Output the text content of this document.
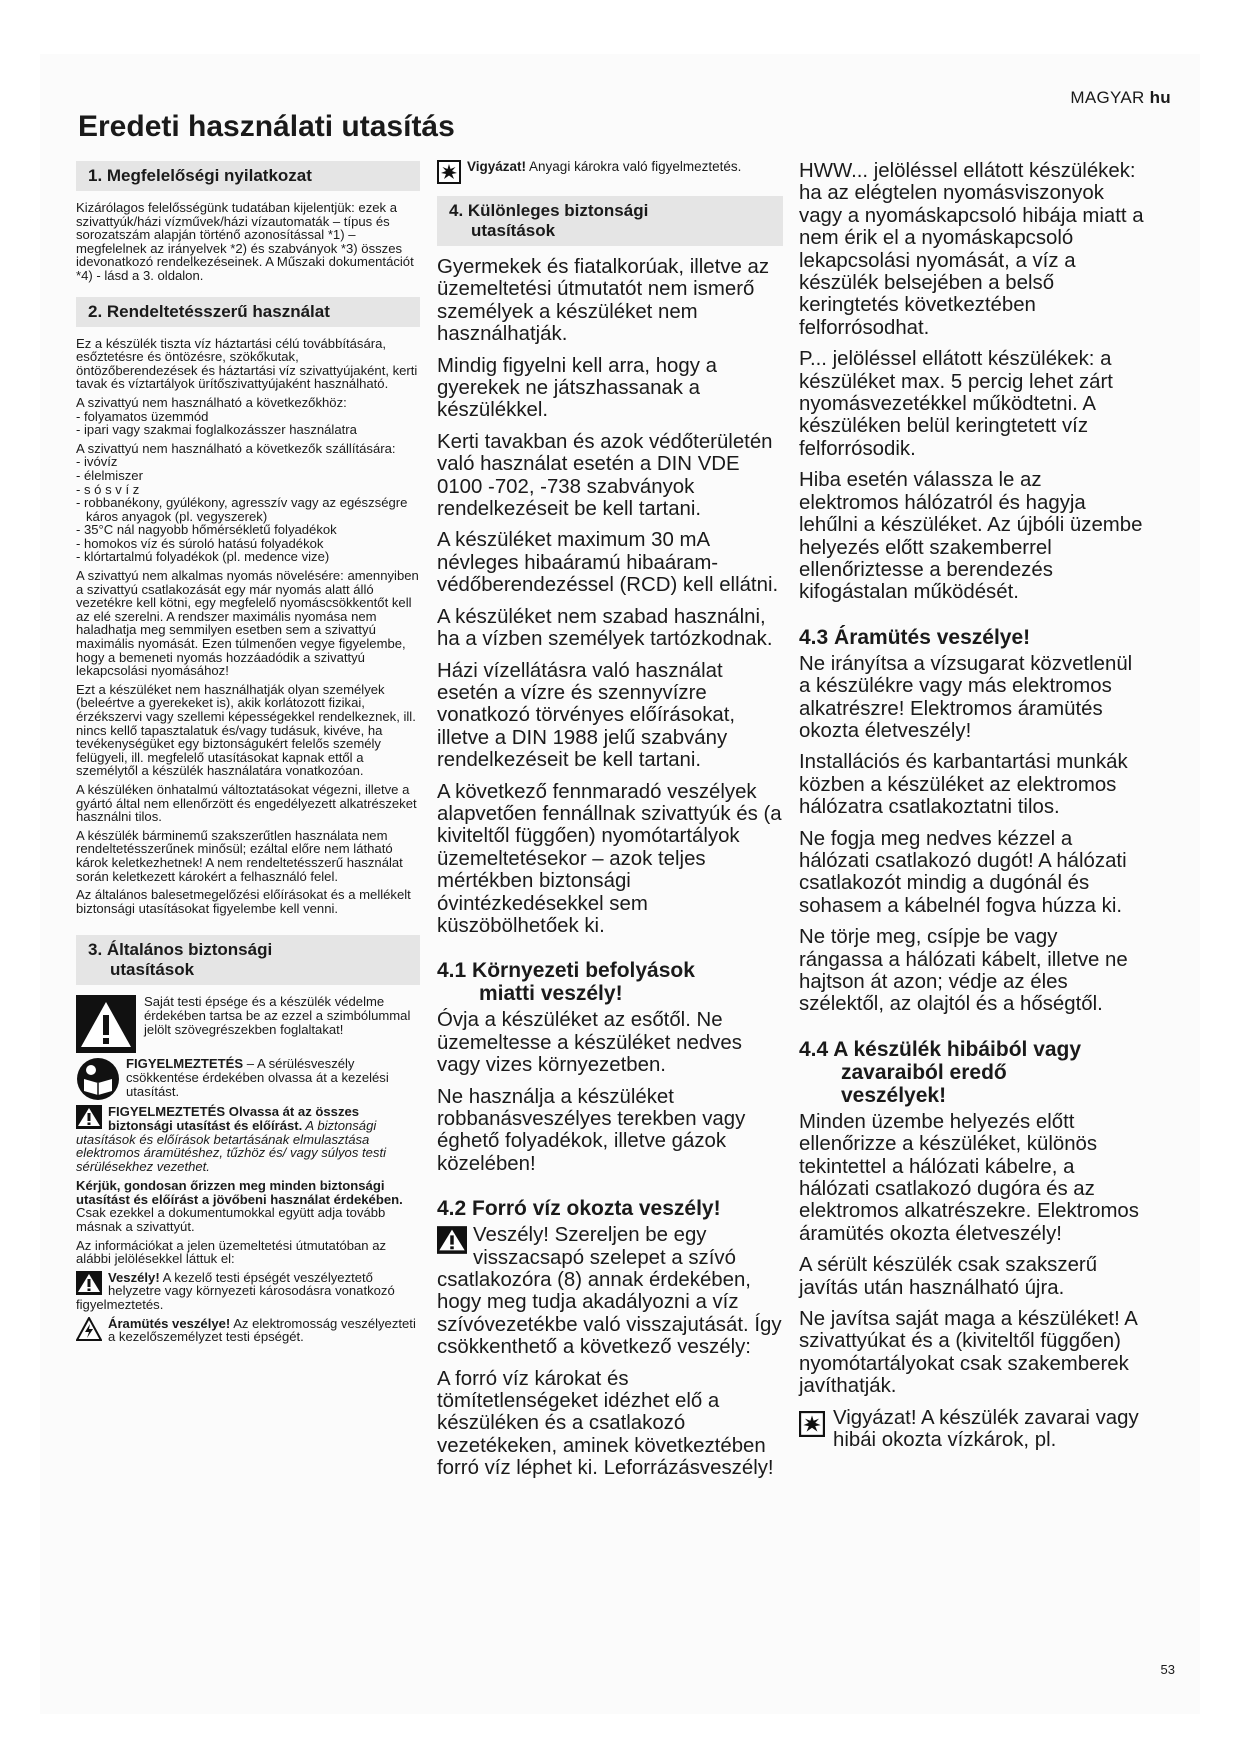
MAGYAR hu
Eredeti használati utasítás
1. Megfelelőségi nyilatkozat

Kizárólagos felelősségünk tudatában kijelentjük: ezek a szivattyúk/házi vízművek/házi vízautomaták – típus és sorozatszám alapján történő azonosítással *1) – megfelelnek az irányelvek *2) és szabványok *3) összes idevonatkozó rendelkezéseinek. A Műszaki dokumentációt *4) - lásd a 3. oldalon.

2. Rendeltetésszerű használat

Ez a készülék tiszta víz háztartási célú továbbítására, esőztetésre és öntözésre, szökőkutak, öntözőberendezések és háztartási víz szivattyújaként, kerti tavak és víztartályok ürítőszivattyújaként használható.

A szivattyú nem használható a következőkhöz:

- folyamatos üzemmód
- ipari vagy szakmai foglalkozásszer használatra

A szivattyú nem használható a következők szállítására:

- ivóvíz
- élelmiszer
- s ó s v í z
- robbanékony, gyúlékony, agresszív vagy az egészségre káros anyagok (pl. vegyszerek)
- 35°C nál nagyobb hőmérsékletű folyadékok
- homokos víz és súroló hatású folyadékok
- klórtartalmú folyadékok (pl. medence vize)

A szivattyú nem alkalmas nyomás növelésére: amennyiben a szivattyú csatlakozását egy már nyomás alatt álló vezetékre kell kötni, egy megfelelő nyomáscsökkentőt kell az elé szerelni. A rendszer maximális nyomása nem haladhatja meg semmilyen esetben sem a szivattyú maximális nyomását. Ezen túlmenően vegye figyelembe, hogy a bemeneti nyomás hozzáadódik a szivattyú lekapcsolási nyomásához!

Ezt a készüléket nem használhatják olyan személyek (beleértve a gyerekeket is), akik korlátozott fizikai, érzékszervi vagy szellemi képességekkel rendelkeznek, ill. nincs kellő tapasztalatuk és/vagy tudásuk, kivéve, ha tevékenységüket egy biztonságukért felelős személy felügyeli, ill. megfelelő utasításokat kapnak ettől a személytől a készülék használatára vonatkozóan.

A készüléken önhatalmú változtatásokat végezni, illetve a gyártó által nem ellenőrzött és engedélyezett alkatrészeket használni tilos.

A készülék bárminemű szakszerűtlen használata nem rendeltetésszerűnek minősül; ezáltal előre nem látható károk keletkezhetnek! A nem rendeltetésszerű használat során keletkezett károkért a felhasználó felel.

Az általános balesetmegelőzési előírásokat és a mellékelt biztonsági utasításokat figyelembe kell venni.

3. Általános biztonsági
utasítások
Saját testi épsége és a készülék védelme érdekében tartsa be az ezzel a szimbólummal jelölt szövegrészekben foglaltakat!
FIGYELMEZTETÉS – A sérülésveszély csökkentése érdekében olvassa át a kezelési utasítást.

FIGYELMEZTETÉS Olvassa át az összes biztonsági utasítást és előírást. A biztonsági utasítások és előírások betartásának elmulasztása elektromos áramütéshez, tűzhöz és/ vagy súlyos testi sérülésekhez vezethet.

Kérjük, gondosan őrizzen meg minden biztonsági utasítást és előírást a jövőbeni használat érdekében.
Csak ezekkel a dokumentumokkal együtt adja tovább másnak a szivattyút.

Az információkat a jelen üzemeltetési útmutatóban az alábbi jelölésekkel láttuk el:

Veszély! A kezelő testi épségét veszélyeztető helyzetre vagy környezeti károsodásra vonatkozó figyelmeztetés.

Áramütés veszélye! Az elektromosság veszélyezteti a kezelőszemélyzet testi épségét.

Vigyázat! Anyagi károkra való figyelmeztetés.
4. Különleges biztonsági
utasítások

Gyermekek és fiatalkorúak, illetve az üzemeltetési útmutatót nem ismerő személyek a készüléket nem használhatják.

Mindig figyelni kell arra, hogy a gyerekek ne játszhassanak a készülékkel.

Kerti tavakban és azok védőterületén való használat esetén a DIN VDE 0100 -702, -738 szabványok rendelkezéseit be kell tartani.

A készüléket maximum 30 mA névleges hibaáramú hibaáram-védőberendezéssel (RCD) kell ellátni.

A készüléket nem szabad használni, ha a vízben személyek tartózkodnak.

Házi vízellátásra való használat esetén a vízre és szennyvízre vonatkozó törvényes előírásokat, illetve a DIN 1988 jelű szabvány rendelkezéseit be kell tartani.

A következő fennmaradó veszélyek alapvetően fennállnak szivattyúk és (a kiviteltől függően) nyomótartályok üzemeltetésekor – azok teljes mértékben biztonsági óvintézkedésekkel sem küszöbölhetőek ki.

4.1 Környezeti befolyások
miatti veszély!

Óvja a készüléket az esőtől. Ne üzemeltesse a készüléket nedves vagy vizes környezetben.

Ne használja a készüléket robbanásveszélyes terekben vagy éghető folyadékok, illetve gázok közelében!

4.2 Forró víz okozta veszély!

Veszély! Szereljen be egy visszacsapó szelepet a szívó csatlakozóra (8) annak érdekében, hogy meg tudja akadályozni a víz szívóvezetékbe való visszajutását. Így csökkenthető a következő veszély:

A forró víz károkat és tömítetlenségeket idézhet elő a készüléken és a csatlakozó vezetékeken, aminek következtében forró víz léphet ki. Leforrázásveszély!

HWW... jelöléssel ellátott készülékek: ha az elégtelen nyomásviszonyok vagy a nyomáskapcsoló hibája miatt a nem érik el a nyomáskapcsoló lekapcsolási nyomását, a víz a készülék belsejében a belső keringtetés következtében felforrósodhat.

P... jelöléssel ellátott készülékek: a készüléket max. 5 percig lehet zárt nyomásvezetékkel működtetni. A készüléken belül keringtetett víz felforrósodik.

Hiba esetén válassza le az elektromos hálózatról és hagyja lehűlni a készüléket. Az újbóli üzembe helyezés előtt szakemberrel ellenőriztesse a berendezés kifogástalan működését.

4.3 Áramütés veszélye!

Ne irányítsa a vízsugarat közvetlenül a készülékre vagy más elektromos alkatrészre! Elektromos áramütés okozta életveszély!

Installációs és karbantartási munkák közben a készüléket az elektromos hálózatra csatlakoztatni tilos.

Ne fogja meg nedves kézzel a hálózati csatlakozó dugót! A hálózati csatlakozót mindig a dugónál és sohasem a kábelnél fogva húzza ki.

Ne törje meg, csípje be vagy rángassa a hálózati kábelt, illetve ne hajtson át azon; védje az éles szélektől, az olajtól és a hőségtől.

4.4 A készülék hibáiból vagy
zavaraiból eredő
veszélyek!

Minden üzembe helyezés előtt ellenőrizze a készüléket, különös tekintettel a hálózati kábelre, a hálózati csatlakozó dugóra és az elektromos alkatrészekre. Elektromos áramütés okozta életveszély!

A sérült készülék csak szakszerű javítás után használható újra.

Ne javítsa saját maga a készüléket! A szivattyúkat és a (kiviteltől függően) nyomótartályokat csak szakemberek javíthatják.

Vigyázat! A készülék zavarai vagy hibái okozta vízkárok, pl.
53
